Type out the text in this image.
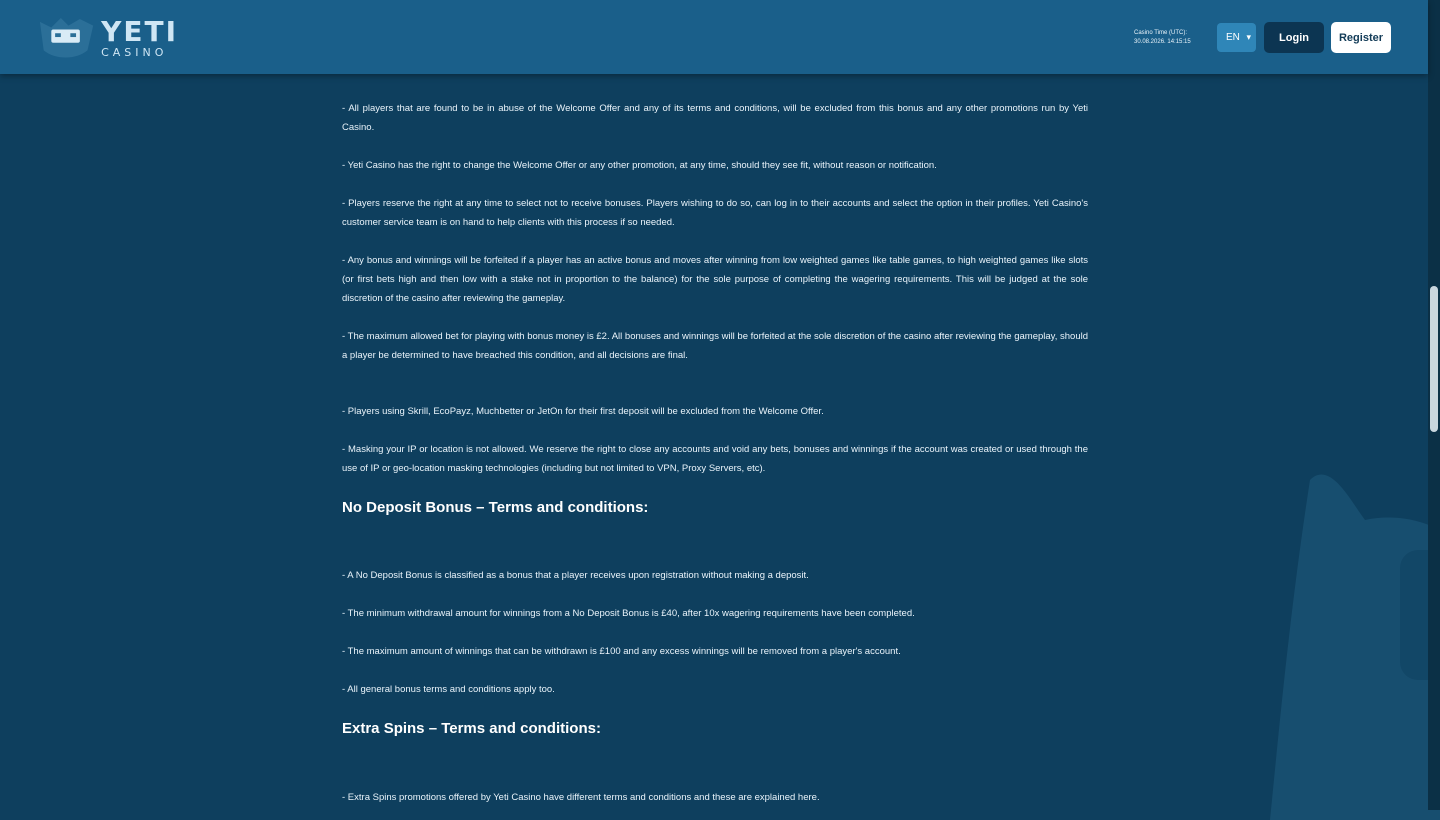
YETI
CASINO
Casino Time (UTC):
30.08.2026. 14:15:15	EN ▾	Login	Register

- All players that are found to be in abuse of the Welcome Offer and any of its terms and conditions, will be excluded from this bonus and any other promotions run by Yeti Casino.

- Yeti Casino has the right to change the Welcome Offer or any other promotion, at any time, should they see fit, without reason or notification.

- Players reserve the right at any time to select not to receive bonuses. Players wishing to do so, can log in to their accounts and select the option in their profiles. Yeti Casino's customer service team is on hand to help clients with this process if so needed.

- Any bonus and winnings will be forfeited if a player has an active bonus and moves after winning from low weighted games like table games, to high weighted games like slots (or first bets high and then low with a stake not in proportion to the balance) for the sole purpose of completing the wagering requirements. This will be judged at the sole discretion of the casino after reviewing the gameplay.

- The maximum allowed bet for playing with bonus money is £2. All bonuses and winnings will be forfeited at the sole discretion of the casino after reviewing the gameplay, should a player be determined to have breached this condition, and all decisions are final.

- Players using Skrill, EcoPayz, Muchbetter or JetOn for their first deposit will be excluded from the Welcome Offer.

- Masking your IP or location is not allowed. We reserve the right to close any accounts and void any bets, bonuses and winnings if the account was created or used through the use of IP or geo-location masking technologies (including but not limited to VPN, Proxy Servers, etc).

No Deposit Bonus – Terms and conditions:

- A No Deposit Bonus is classified as a bonus that a player receives upon registration without making a deposit.

- The minimum withdrawal amount for winnings from a No Deposit Bonus is £40, after 10x wagering requirements have been completed.

- The maximum amount of winnings that can be withdrawn is £100 and any excess winnings will be removed from a player's account.

- All general bonus terms and conditions apply too.

Extra Spins – Terms and conditions:

- Extra Spins promotions offered by Yeti Casino have different terms and conditions and these are explained here.
